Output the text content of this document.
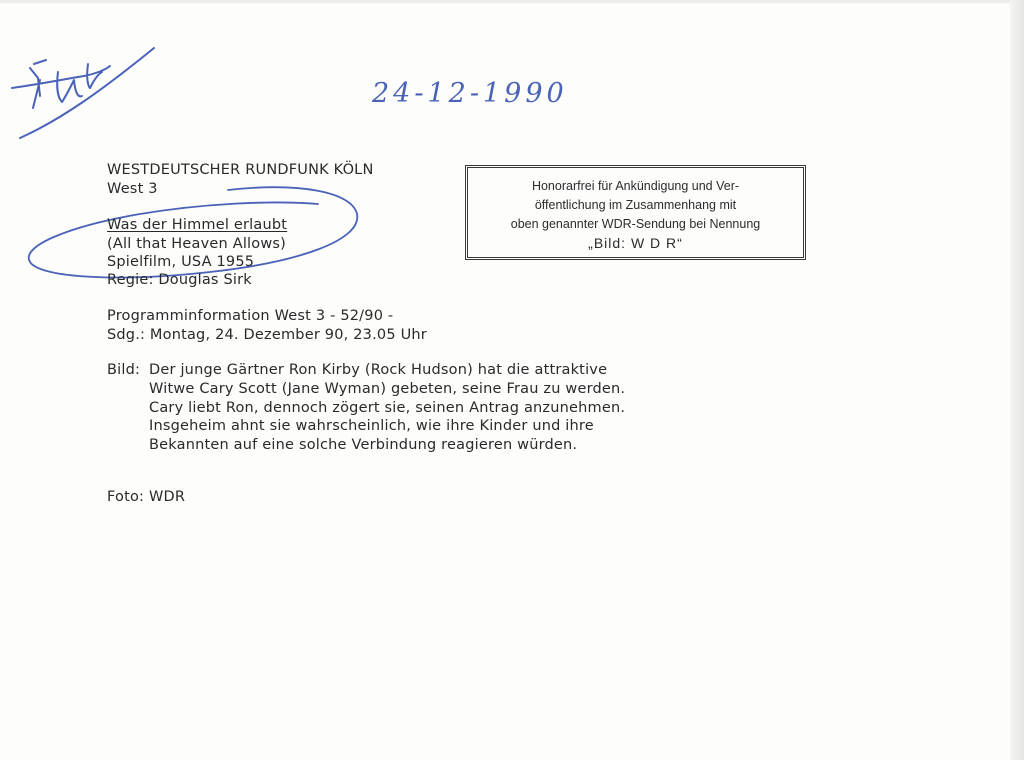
24-12-1990
WESTDEUTSCHER RUNDFUNK KÖLN
West 3
Was der Himmel erlaubt
(All that Heaven Allows)
Spielfilm, USA 1955
Regie: Douglas Sirk
Programminformation West 3 - 52/90 -
Sdg.: Montag, 24. Dezember 90, 23.05 Uhr
Bild: Der junge Gärtner Ron Kirby (Rock Hudson) hat die attraktive
Witwe Cary Scott (Jane Wyman) gebeten, seine Frau zu werden.
Cary liebt Ron, dennoch zögert sie, seinen Antrag anzunehmen.
Insgeheim ahnt sie wahrscheinlich, wie ihre Kinder und ihre
Bekannten auf eine solche Verbindung reagieren würden.
Foto: WDR
Honorarfrei für Ankündigung und Ver-
öffentlichung im Zusammenhang mit
oben genannter WDR-Sendung bei Nennung
„Bild: W D R“
